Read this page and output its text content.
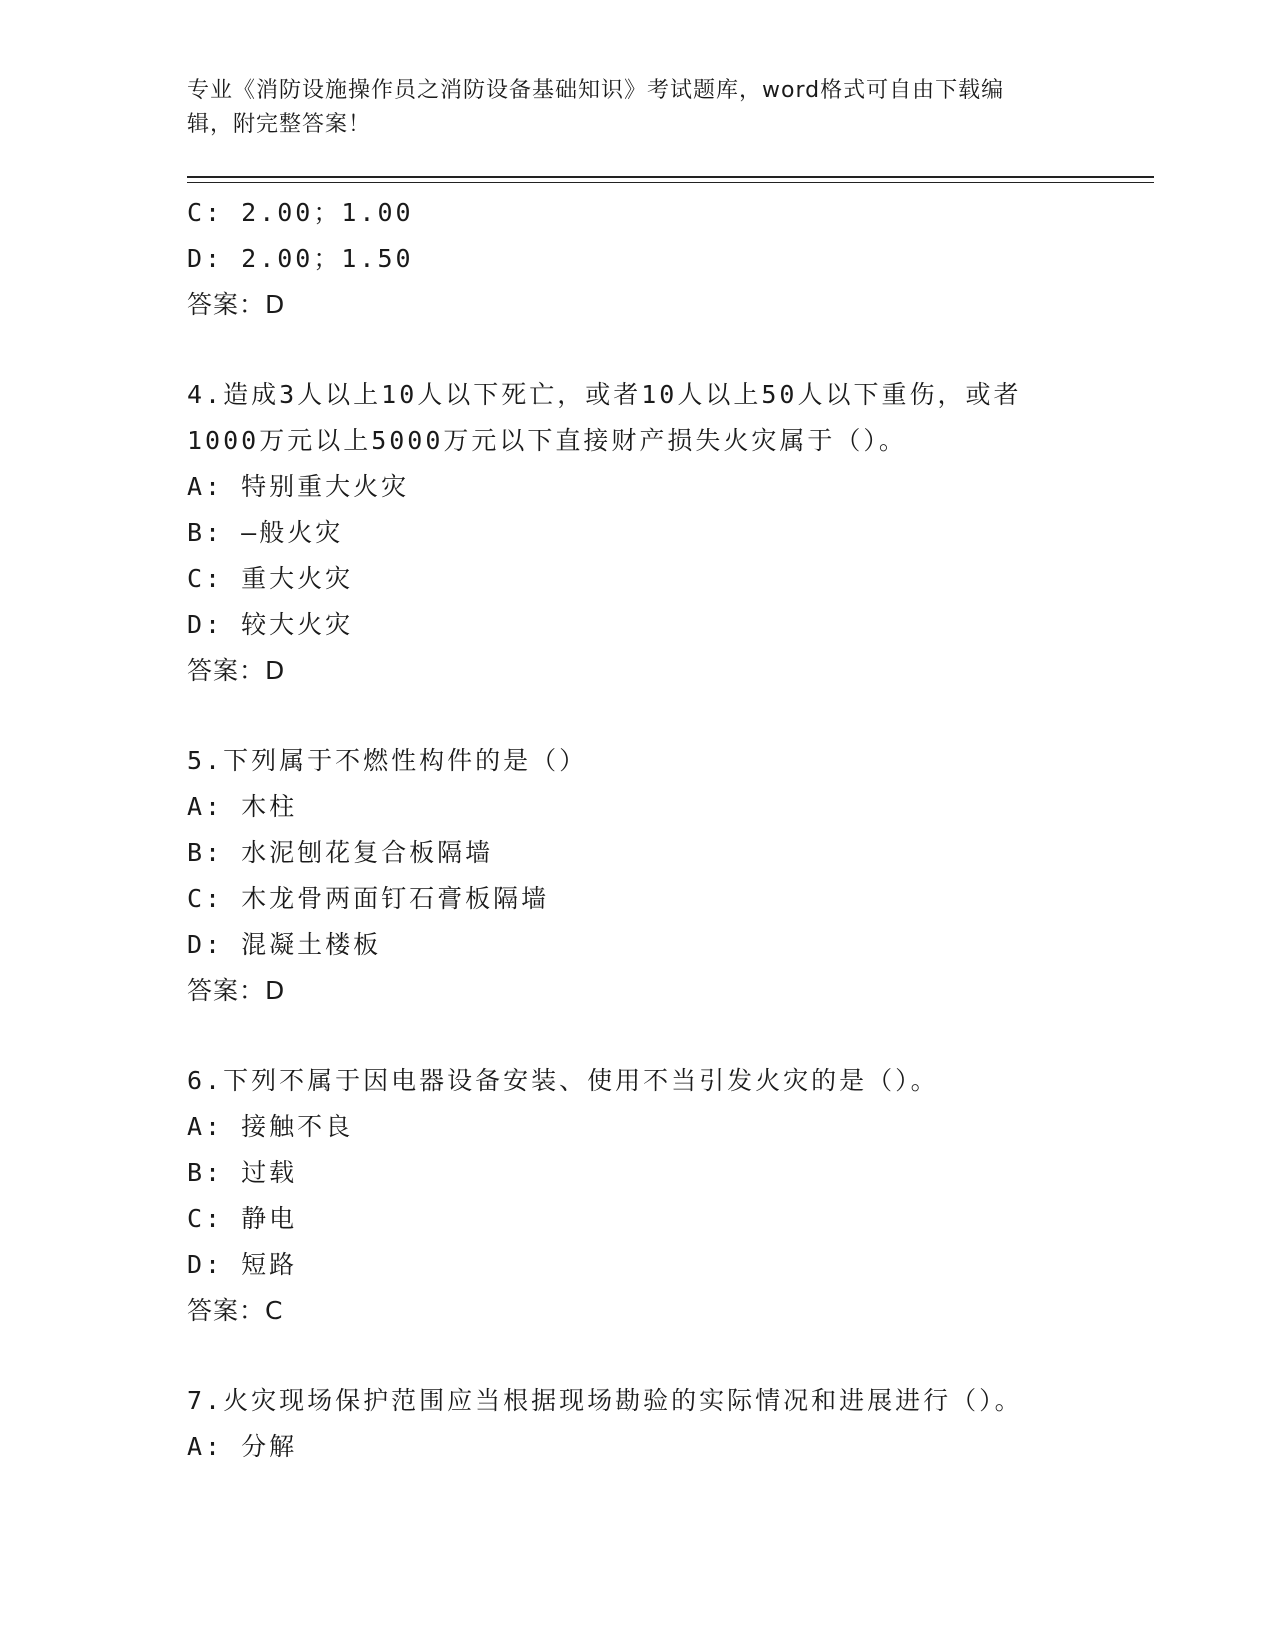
专业《消防设施操作员之消防设备基础知识》考试题库，word格式可自由下载编
辑，附完整答案！
C: 2.00；1.00
D: 2.00；1.50
答案：D
4.造成3人以上10人以下死亡，或者10人以上50人以下重伤，或者
1000万元以上5000万元以下直接财产损失火灾属于（）。
A: 特别重大火灾
B: —般火灾
C: 重大火灾
D: 较大火灾
答案：D
5.下列属于不燃性构件的是（）
A: 木柱
B: 水泥刨花复合板隔墙
C: 木龙骨两面钉石膏板隔墙
D: 混凝土楼板
答案：D
6.下列不属于因电器设备安装、使用不当引发火灾的是（）。
A: 接触不良
B: 过载
C: 静电
D: 短路
答案：C
7.火灾现场保护范围应当根据现场勘验的实际情况和进展进行（）。
A: 分解
